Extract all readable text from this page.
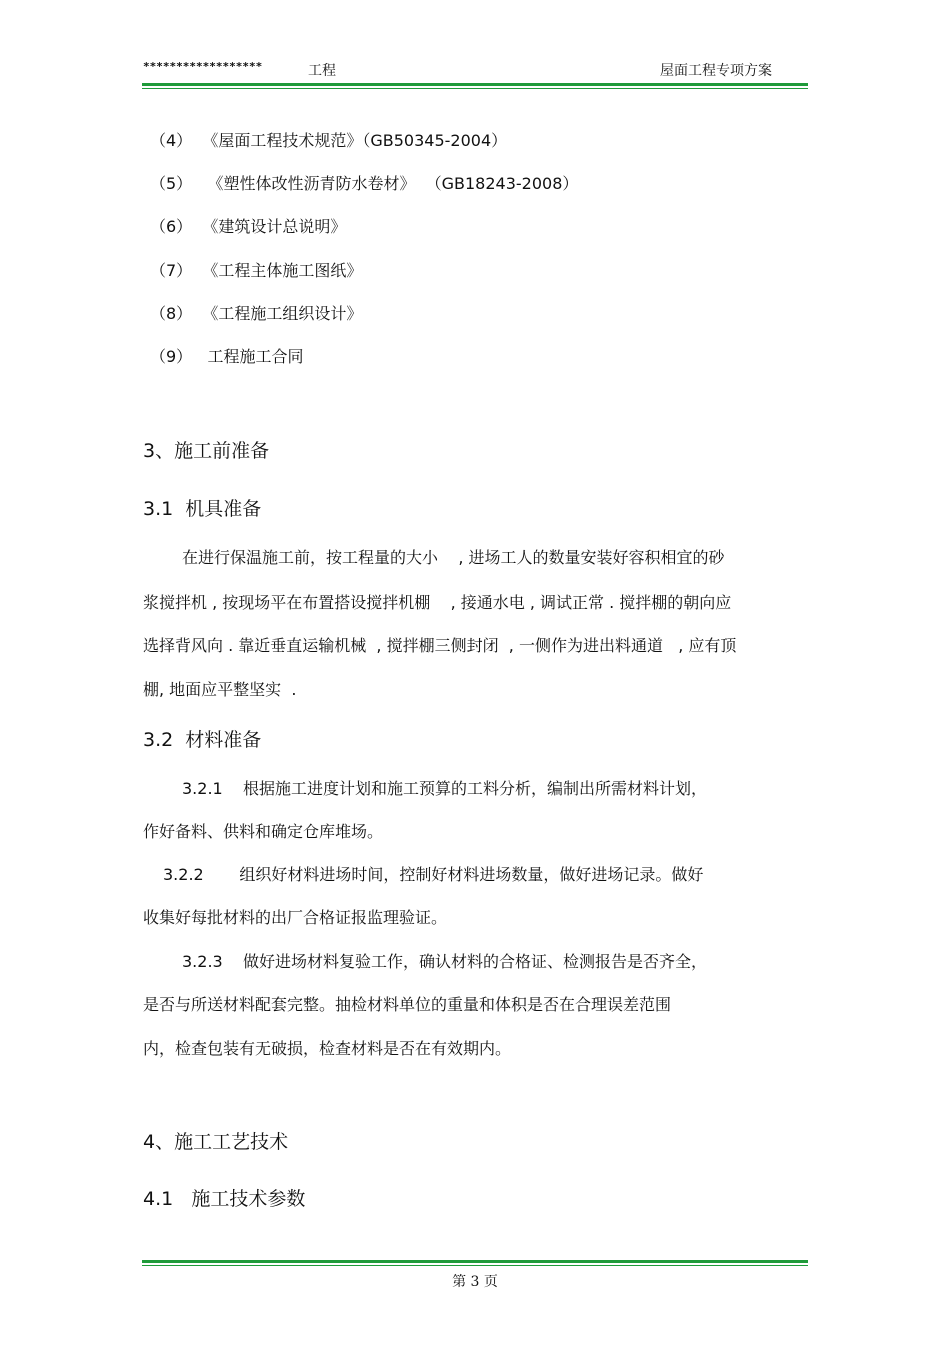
******************	工程	屋面工程专项方案
（4）  《屋面工程技术规范》（GB50345-2004）
（5）   《塑性体改性沥青防水卷材》  （GB18243-2008）
（6）  《建筑设计总说明》
（7）  《工程主体施工图纸》
（8）  《工程施工组织设计》
（9）   工程施工合同
3、施工前准备
3.1  机具准备
在进行保温施工前，按工程量的大小    , 进场工人的数量安装好容积相宜的砂
浆搅拌机 , 按现场平在布置搭设搅拌机棚    , 接通水电 , 调试正常 . 搅拌棚的朝向应
选择背风向 . 靠近垂直运输机械  , 搅拌棚三侧封闭  , 一侧作为进出料通道   , 应有顶
棚, 地面应平整坚实  .
3.2  材料准备
3.2.1    根据施工进度计划和施工预算的工料分析，编制出所需材料计划，
作好备料、供料和确定仓库堆场。
3.2.2       组织好材料进场时间，控制好材料进场数量，做好进场记录。做好
收集好每批材料的出厂合格证报监理验证。
3.2.3    做好进场材料复验工作，确认材料的合格证、检测报告是否齐全，
是否与所送材料配套完整。抽检材料单位的重量和体积是否在合理误差范围
内，检查包装有无破损，检查材料是否在有效期内。
4、施工工艺技术
4.1   施工技术参数
第 3 页
